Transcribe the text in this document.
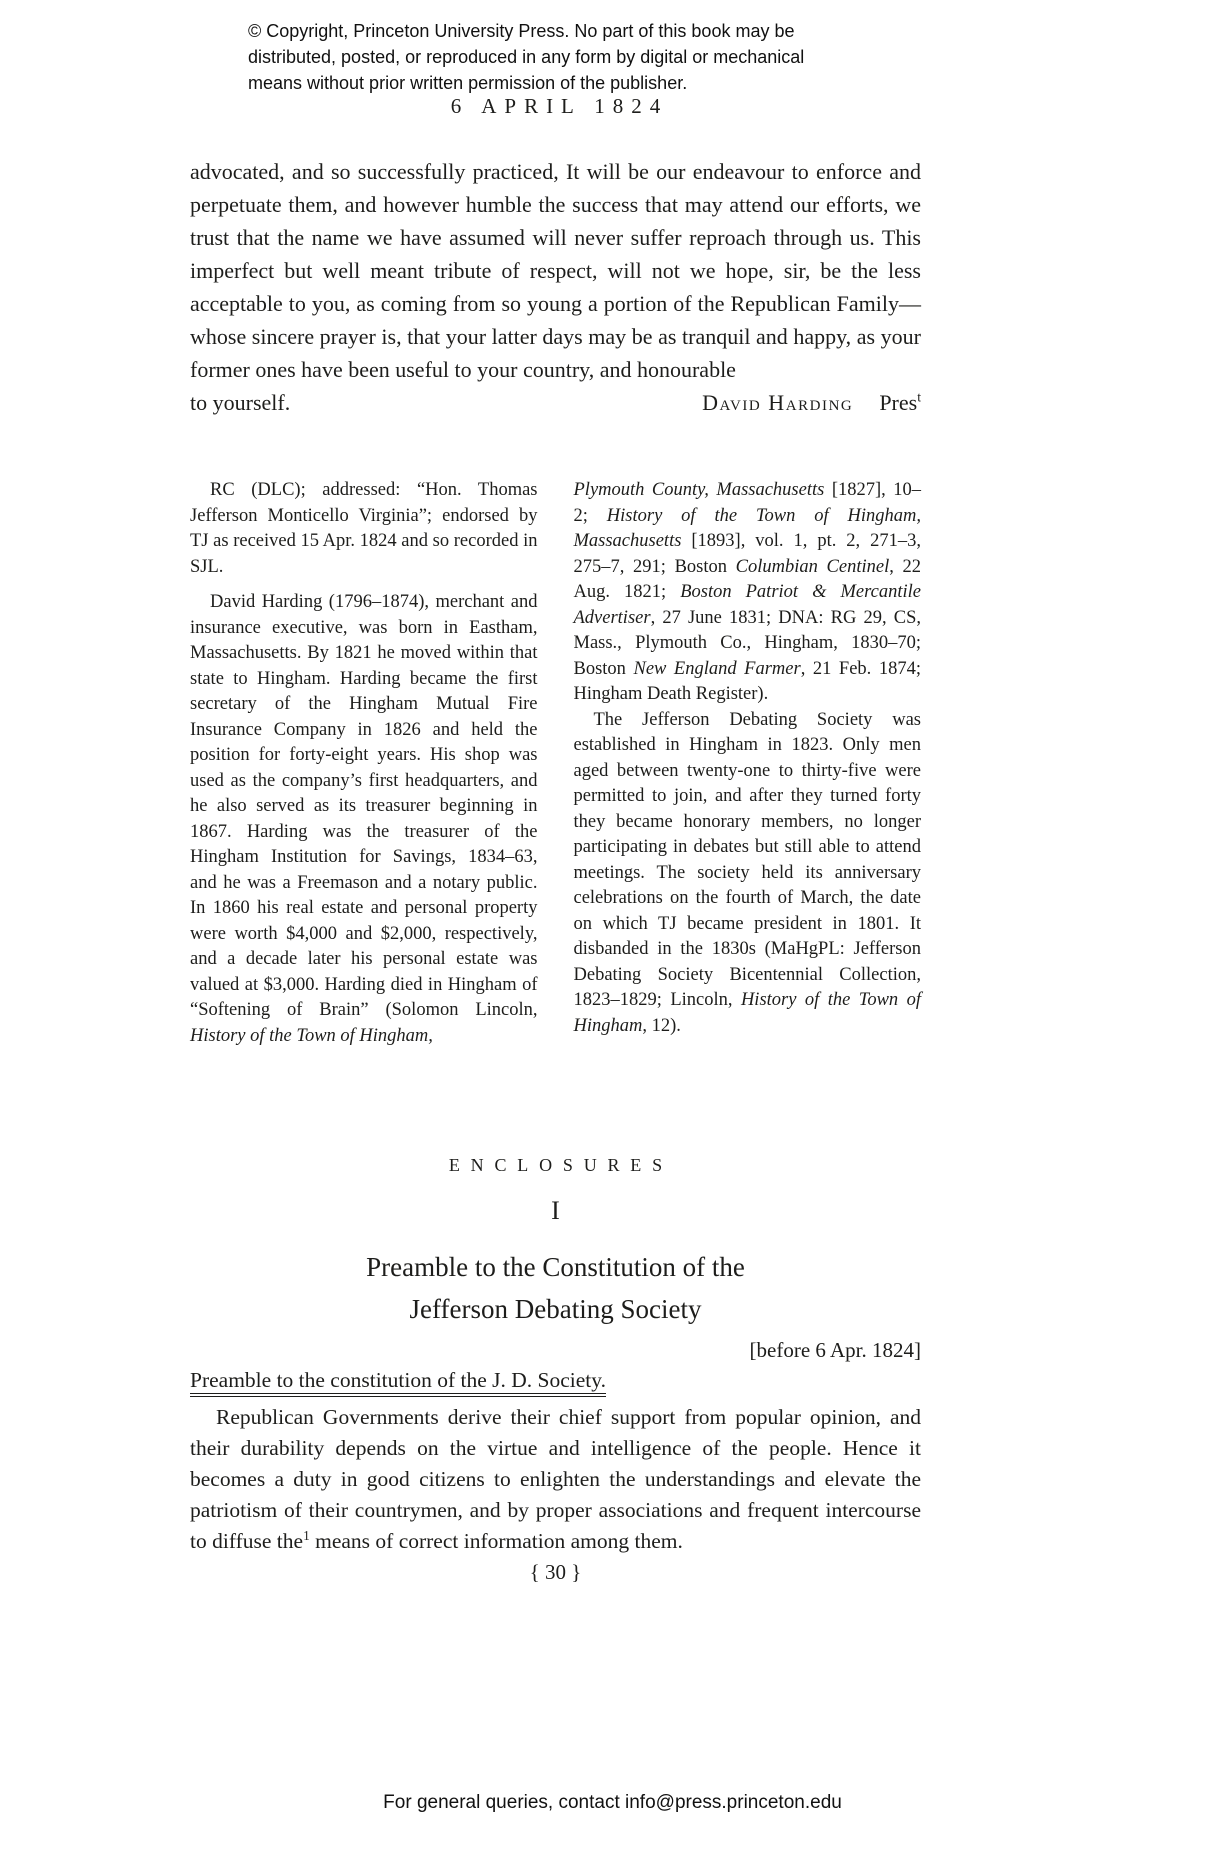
© Copyright, Princeton University Press. No part of this book may be
distributed, posted, or reproduced in any form by digital or mechanical
means without prior written permission of the publisher.
6 APRIL 1824

advocated, and so successfully practiced, It will be our endeavour to enforce and perpetuate them, and however humble the success that may attend our efforts, we trust that the name we have assumed will never suffer reproach through us. This imperfect but well meant tribute of respect, will not we hope, sir, be the less acceptable to you, as coming from so young a portion of the Republican Family—whose sincere prayer is, that your latter days may be as tranquil and happy, as your former ones have been useful to your country, and honourable

to yourself.	David Harding Pres$^t$

RC (DLC); addressed: “Hon. Thomas Jefferson Monticello Virginia”; endorsed by TJ as received 15 Apr. 1824 and so recorded in SJL.

David Harding (1796–1874), merchant and insurance executive, was born in Eastham, Massachusetts. By 1821 he moved within that state to Hingham. Harding became the first secretary of the Hingham Mutual Fire Insurance Company in 1826 and held the position for forty-eight years. His shop was used as the company’s first headquarters, and he also served as its treasurer beginning in 1867. Harding was the treasurer of the Hingham Institution for Savings, 1834–63, and he was a Freemason and a notary public. In 1860 his real estate and personal property were worth $4,000 and $2,000, respectively, and a decade later his personal estate was valued at $3,000. Harding died in Hingham of “Softening of Brain” (Solomon Lincoln, History of the Town of Hingham,

Plymouth County, Massachusetts [1827], 10–2; History of the Town of Hingham, Massachusetts [1893], vol. 1, pt. 2, 271–3, 275–7, 291; Boston Columbian Centinel, 22 Aug. 1821; Boston Patriot & Mercantile Advertiser, 27 June 1831; DNA: RG 29, CS, Mass., Plymouth Co., Hingham, 1830–70; Boston New England Farmer, 21 Feb. 1874; Hingham Death Register).

The Jefferson Debating Society was established in Hingham in 1823. Only men aged between twenty-one to thirty-five were permitted to join, and after they turned forty they became honorary members, no longer participating in debates but still able to attend meetings. The society held its anniversary celebrations on the fourth of March, the date on which TJ became president in 1801. It disbanded in the 1830s (MaHgPL: Jefferson Debating Society Bicentennial Collection, 1823–1829; Lincoln, History of the Town of Hingham, 12).

ENCLOSURES
I
Preamble to the Constitution of the
Jefferson Debating Society
[before 6 Apr. 1824]
Preamble to the constitution of the J. D. Society.

Republican Governments derive their chief support from popular opinion, and their durability depends on the virtue and intelligence of the people. Hence it becomes a duty in good citizens to enlighten the understandings and elevate the patriotism of their countrymen, and by proper associations and frequent intercourse to diffuse the$^1$ means of correct information among them.

{ 30 }
For general queries, contact info@press.princeton.edu
